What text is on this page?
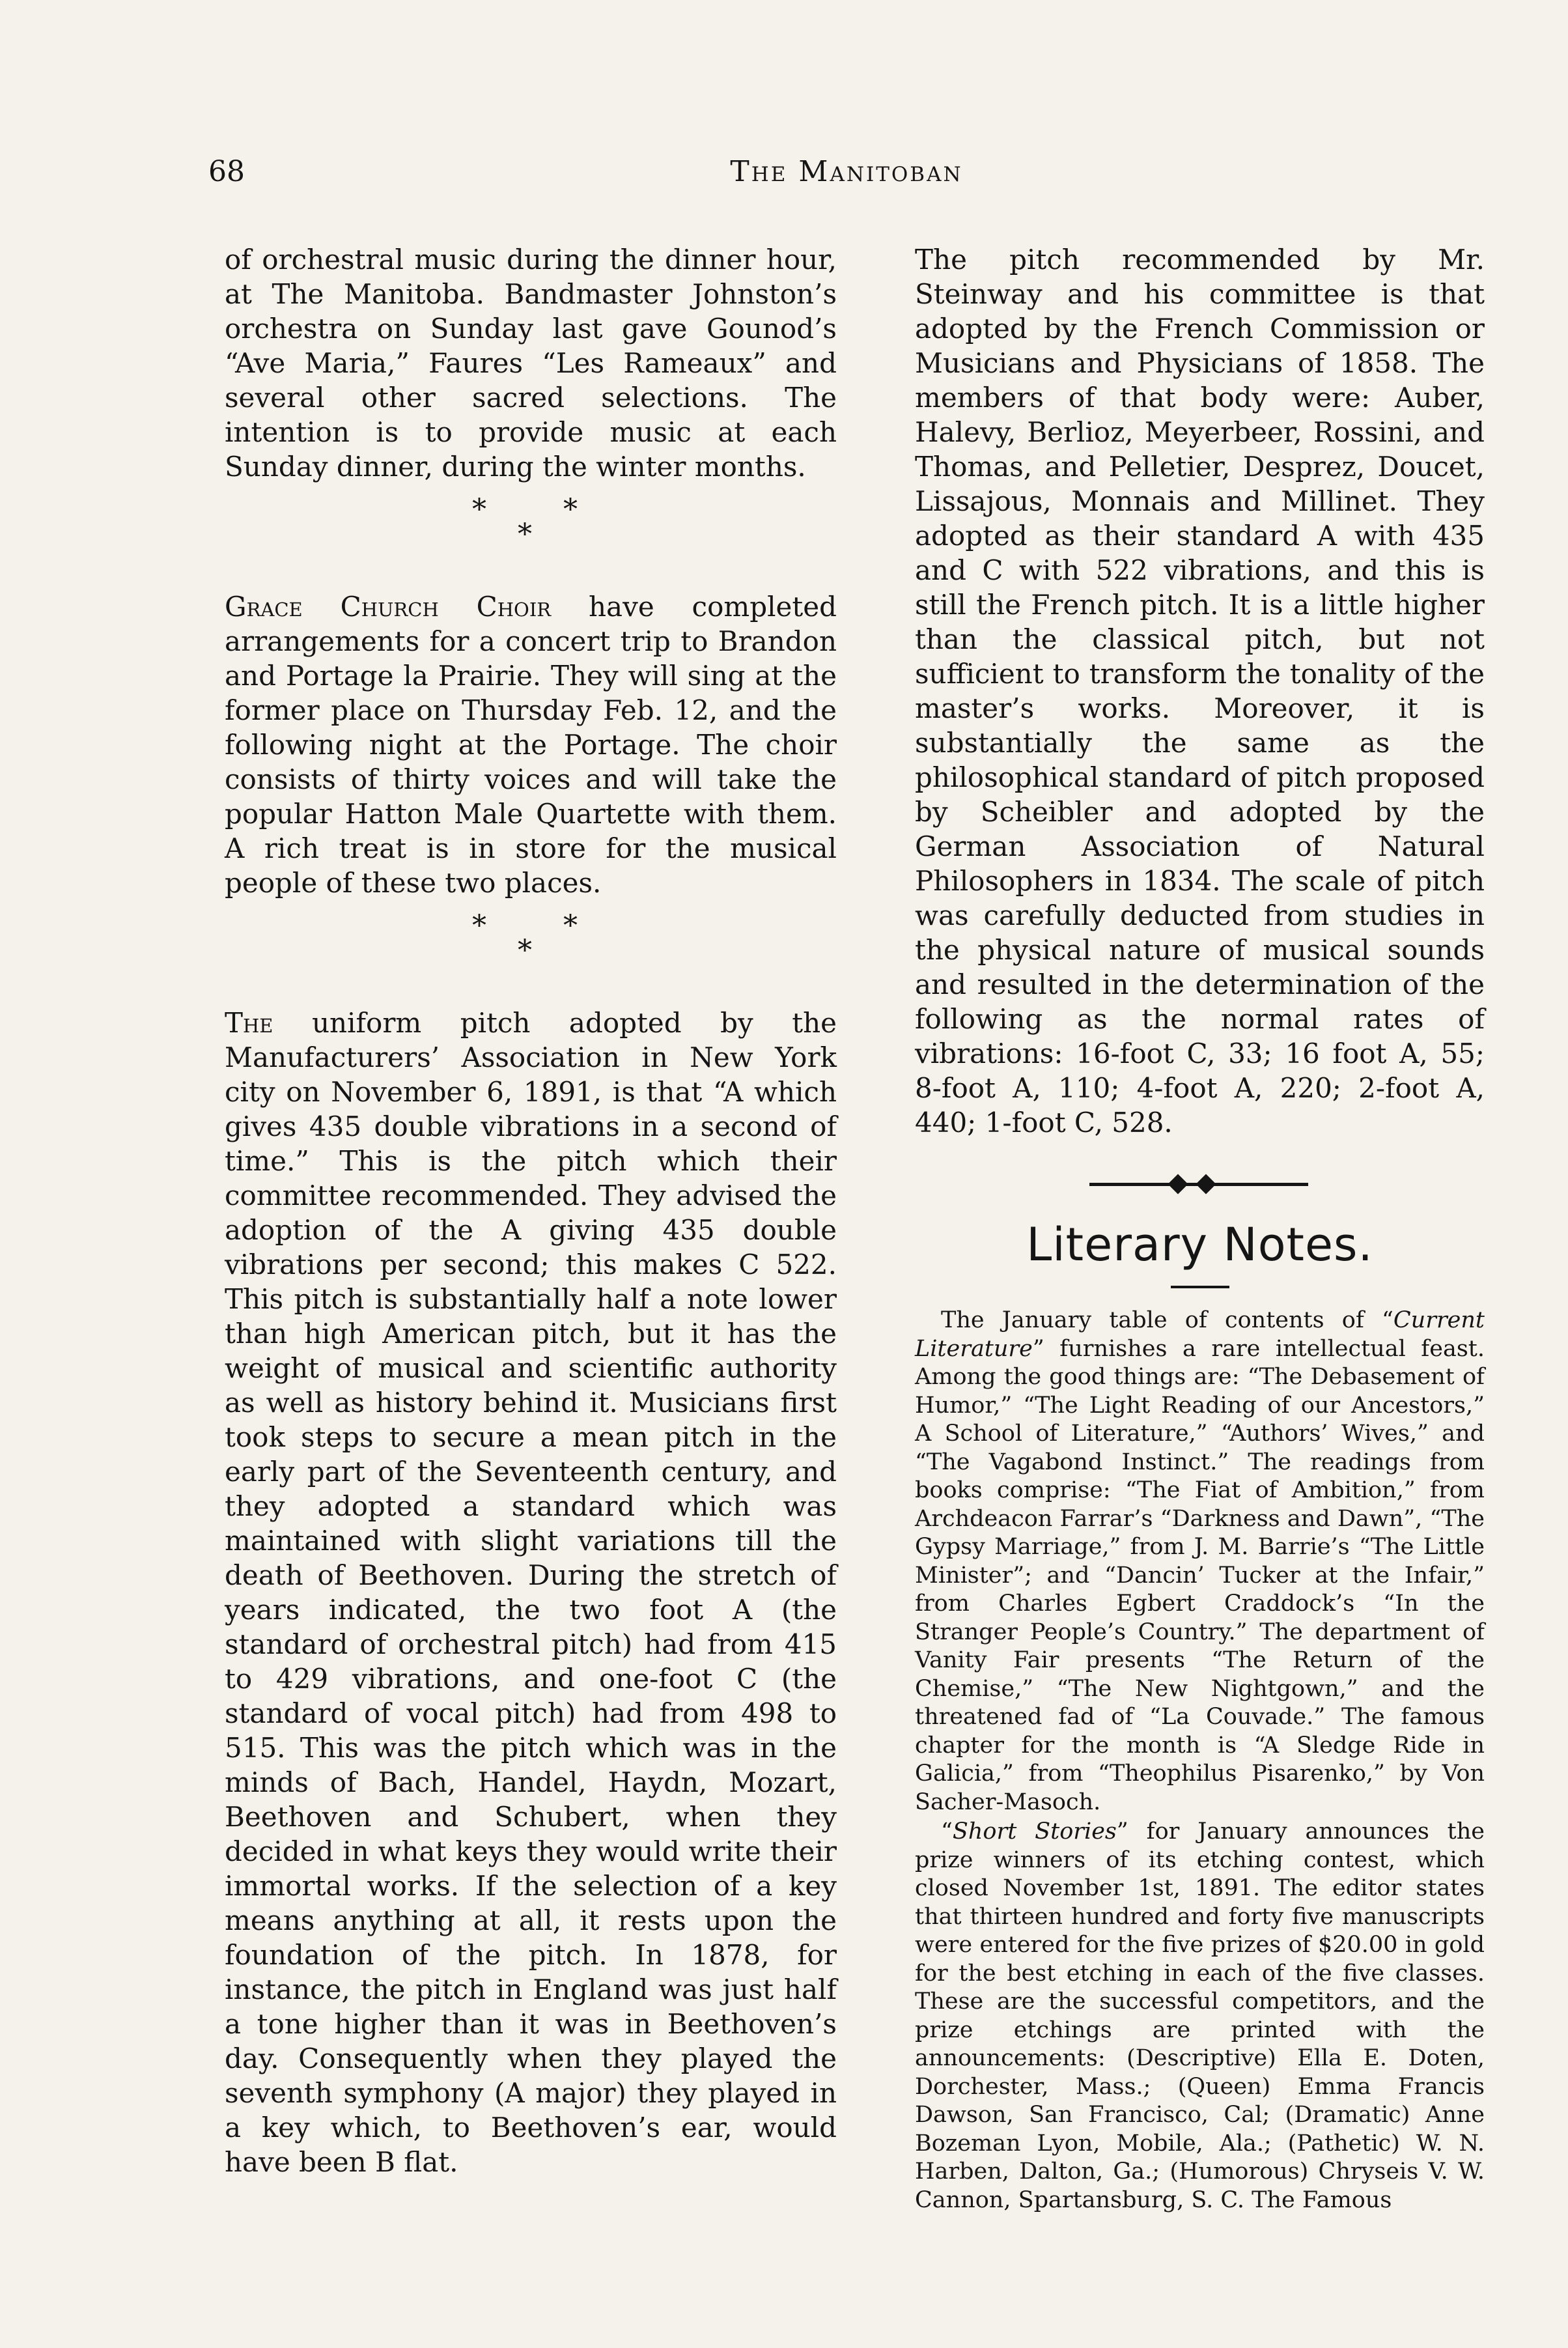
68	The Manitoban

of orchestral music during the dinner hour, at The Manitoba. Bandmaster Johnston’s orchestra on Sunday last gave Gounod’s “Ave Maria,” Faures “Les Rameaux” and several other sacred selections. The intention is to provide music at each Sunday dinner, during the winter months.

*	*
*

Grace Church Choir have completed arrangements for a concert trip to Brandon and Portage la Prairie. They will sing at the former place on Thursday Feb. 12, and the following night at the Portage. The choir consists of thirty voices and will take the popular Hatton Male Quartette with them. A rich treat is in store for the musical people of these two places.

*	*
*

The uniform pitch adopted by the Manufacturers’ Association in New York city on November 6, 1891, is that “A which gives 435 double vibrations in a second of time.” This is the pitch which their committee recommended. They advised the adoption of the A giving 435 double vibrations per second; this makes C 522. This pitch is substantially half a note lower than high American pitch, but it has the weight of musical and scientific authority as well as history behind it. Musicians first took steps to secure a mean pitch in the early part of the Seventeenth century, and they adopted a standard which was maintained with slight variations till the death of Beethoven. During the stretch of years indicated, the two foot A (the standard of orchestral pitch) had from 415 to 429 vibrations, and one-foot C (the standard of vocal pitch) had from 498 to 515. This was the pitch which was in the minds of Bach, Handel, Haydn, Mozart, Beethoven and Schubert, when they decided in what keys they would write their immortal works. If the selection of a key means anything at all, it rests upon the foundation of the pitch. In 1878, for instance, the pitch in England was just half a tone higher than it was in Beethoven’s day. Consequently when they played the seventh symphony (A major) they played in a key which, to Beethoven’s ear, would have been B flat.

The pitch recommended by Mr. Steinway and his committee is that adopted by the French Commission or Musicians and Physicians of 1858. The members of that body were: Auber, Halevy, Berlioz, Meyerbeer, Rossini, and Thomas, and Pelletier, Desprez, Doucet, Lissajous, Monnais and Millinet. They adopted as their standard A with 435 and C with 522 vibrations, and this is still the French pitch. It is a little higher than the classical pitch, but not sufficient to transform the tonality of the master’s works. Moreover, it is substantially the same as the philosophical standard of pitch proposed by Scheibler and adopted by the German Association of Natural Philosophers in 1834. The scale of pitch was carefully deducted from studies in the physical nature of musical sounds and resulted in the determination of the following as the normal rates of vibrations: 16-foot C, 33; 16 foot A, 55; 8-foot A, 110; 4-foot A, 220; 2-foot A, 440; 1-foot C, 528.

Literary Notes.

The January table of contents of “Current Literature” furnishes a rare intellectual feast. Among the good things are: “The Debasement of Humor,” “The Light Reading of our Ancestors,” A School of Literature,” “Authors’ Wives,” and “The Vagabond Instinct.” The readings from books comprise: “The Fiat of Ambition,” from Archdeacon Farrar’s “Darkness and Dawn”, “The Gypsy Marriage,” from J. M. Barrie’s “The Little Minister”; and “Dancin’ Tucker at the Infair,” from Charles Egbert Craddock’s “In the Stranger People’s Country.” The department of Vanity Fair presents “The Return of the Chemise,” “The New Nightgown,” and the threatened fad of “La Couvade.” The famous chapter for the month is “A Sledge Ride in Galicia,” from “Theophilus Pisarenko,” by Von Sacher-Masoch.

“Short Stories” for January announces the prize winners of its etching contest, which closed November 1st, 1891. The editor states that thirteen hundred and forty five manuscripts were entered for the five prizes of $20.00 in gold for the best etching in each of the five classes. These are the successful competitors, and the prize etchings are printed with the announcements: (Descriptive) Ella E. Doten, Dorchester, Mass.; (Queen) Emma Francis Dawson, San Francisco, Cal; (Dramatic) Anne Bozeman Lyon, Mobile, Ala.; (Pathetic) W. N. Harben, Dalton, Ga.; (Humorous) Chryseis V. W. Cannon, Spartansburg, S. C. The Famous
